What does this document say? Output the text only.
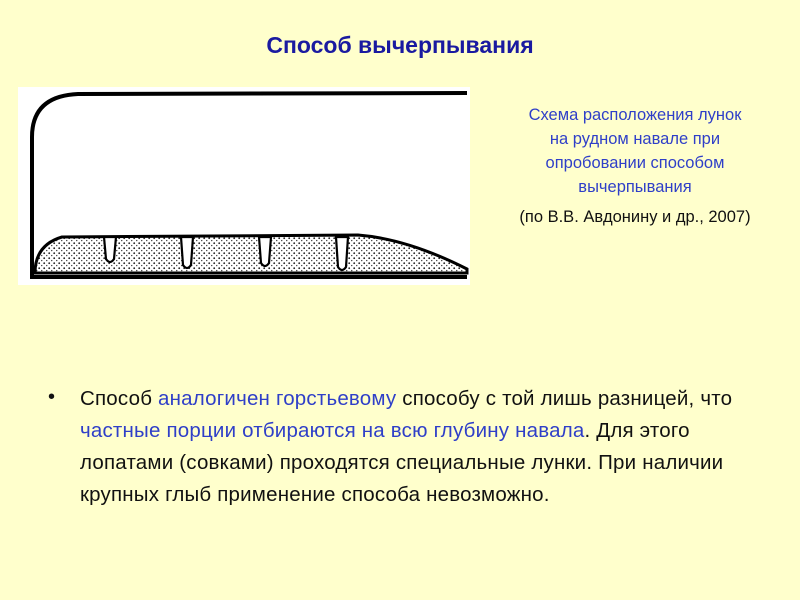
Способ вычерпывания
Схема расположения лунок
на рудном навале при
опробовании способом
вычерпывания
(по В.В. Авдонину и др., 2007)
• Способ аналогичен горстьевому способу с той лишь разницей, что частные порции отбираются на всю глубину навала. Для этого лопатами (совками) проходятся специальные лунки. При наличии крупных глыб применение способа невозможно.
